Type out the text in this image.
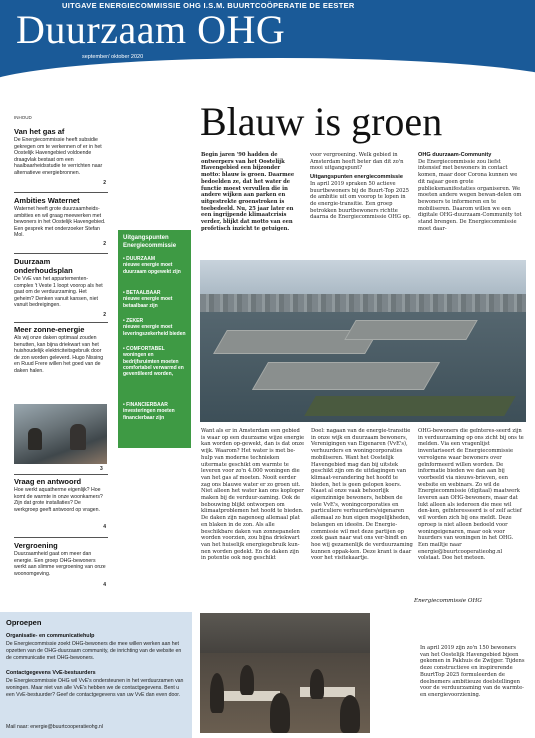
UITGAVE ENERGIECOMMISSIE OHG I.S.M. BUURTCOÖPERATIE DE EESTER
Duurzaam OHG
september/ oktober 2020
INHOUD
Van het gas af

De Energiecommissie heeft subsidie gekregen om te verkennen of er in het Oostelijk Havengebied voldoende draagvlak bestaat om een haalbaarheidsstudie te verrichten naar alternatieve energiebronnen.

2
Ambities Waternet

Waternet heeft grote duurzaamheids-ambities en wil graag meewerken met bewoners in het Oostelijk Havengebied. Een gesprek met onderzoeker Stefan Mol.

2
Duurzaam onderhoudsplan

De VvE van het appartementen-complex 't Veste 1 loopt voorop als het gaat om de verduurzaming. Het geheim? Denken vanuit kansen, niet vanuit bedreigingen.

2
Meer zonne-energie

Als wij onze daken optimaal zouden benutten, kan bijna driekwart van het huishoudelijk elektriciteitsgebruik door de zon worden geleverd. Hugo Nissing en Ruud Frere willen het goed van de daken halen.

3
Vraag en antwoord

Hoe werkt aquatherme eigenlijk? Hoe komt de warmte in onze woonkamers? Zijn dat grote installaties? De werkgroep geeft antwoord op vragen.

4
Vergroening

Duurzaamheid gaat om meer dan energie. Een groep OHG-bewoners werkt aan slimme vergroening van onze woonomgeving.

4
Blauw is groen

Begin jaren '90 hadden de ontwerpers van het Oostelijk Havengebied een bijzonder motto: blauw is groen. Daarmee bedoelden ze, dat het water de functie moest vervullen die in andere wijken aan parken en uitgestrekte groenstroken is toebedeeld. Nu, 25 jaar later en een ingrijpende klimaatcrisis verder, blijkt dat motto van een profetisch inzicht te getuigen.

voor vergroening. Welk gebied in Amsterdam heeft beter dan dit zo'n mooi uitgangspunt?

Uitgangspunten energiecommissie

In april 2019 spraken 50 actieve buurtbewoners bij de Buurt-Top 2025 de ambitie uit om voorop te lopen in de energie-transitie. Een groep betrokken buurtbewoners richtte daarna de Energiecommissie OHG op.

OHG duurzaam-Community

De Energiecommissie zou liefst intensief met bewoners in contact komen, maar door Corona kunnen we dit najaar geen grote publieksmanifestaties organiseren. We moeten andere wegen bewan-delen om bewoners te informeren en te mobiliseren. Daarom willen we een digitale OHG-duurzaam-Community tot stand brengen. De Energiecommissie moet daar-

Uitgangspunten Energiecommissie
• DUURZAAM
nieuwe energie moet duurzaam opgewekt zijn
• BETAALBAAR
nieuwe energie moet betaalbaar zijn
• ZEKER
nieuwe energie moet leveringszekerheid bieden
• COMFORTABEL
woningen en bedrijfsruimten moeten comfortabel verwarmd en geventileerd worden,
• FINANCIERBAAR
investeringen moeten financierbaar zijn

Want als er in Amsterdam een gebied is waar op een duurzame wijze energie kan worden op-gewekt, dan is dat onze wijk. Waarom? Het water is met be-hulp van moderne technieken uitermate geschikt om warmte te leveren voor zo'n 4.000 woningen die van het gas af moeten. Nooit eerder zag ons blauwe water er zo groen uit. Niet alleen het water kan ons koploper maken bij de verduur-zaming. Ook de bebouwing blijkt ontworpen om klimaatproblemen het hoofd te bieden. De daken zijn nagenoeg allemaal plat en blaken in de zon. Als alle beschikbare daken van zonnepanelen worden voorzien, zou bijna driekwart van het huiselijk energiegebruik kun-nen worden gedekt. En de daken zijn in potentie ook nog geschikt

Doel: nagaan van de energie-transitie in onze wijk en duurzaam bewoners, Verenigingen van Eigenaren (VvE's), verhuurders en woningcorporaties mobiliseren. Want het Oostelijk Havengebied mag dan bij uitstek geschikt zijn om de uitdagingen van klimaat-verandering het hoofd te bieden, het is geen gelopen koers. Naast al onze vaak behoorlijk eigenzinnige bewoners, hebben de vele VvE's, woningcorporaties en particuliere verhuurders/eigenaren allemaal zo hun eigen mogelijkheden, belangen en ideeën. De Energie-commissie wil met deze partijen op zoek gaan naar wat ons ver-bindt en hoe wij gezamenlijk de verduurzaming kunnen oppak-ken. Deze krant is daar voor het visitekaartje.

OHG-bewoners die geïnteres-seerd zijn in verduurzaming op ons zicht bij ons te melden. Via een vragenlijst inventariseert de Energiecommissie vervolgens waar bewoners over geïnformeerd willen worden. De informatie bieden we dan aan bij voorbeeld via nieuws-brieven, een website en webinars. Zo wil de Energiecommissie (digitaal) maatwerk leveren aan OHG-bewoners, maar dat lukt alleen als iedereen die mee wil den-ken, geïnteresseerd is of zelf actief wil worden zich bij ons meldt. Deze oproep is niet alleen bedoeld voor woningeigenaren, maar ook voor huurders van woningen in het OHG. Een mailtje naar energie@buurtcooperatieohg.nl volstaat. Doe het meteen.

Energiecommissie OHG

In april 2019 zijn zo'n 150 bewoners van het Oostelijk Havengebied bijeen gekomen in Pakhuis de Zwijger. Tijdens deze constructieve en inspirerende BuurtTop 2025 formuleerden de deelnemers ambitieuze doelstellingen voor de verduurzaming van de warmte- en energievoorziening.

Oproepen
Organisatie- en communicatiehulp
De Energiecommissie zoekt OHG-bewoners die mee willen werken aan het opzetten van de OHG-duurzaam community, de inrichting van de website en de communicatie met OHG-bewoners.
Contactgegevens VvE-bestuurders
De Energiecommissie OHG wil VvE's ondersteunen in het verduurzamen van woningen. Maar niet van alle VvE's hebben we de contactgegevens. Bent u een VvE-bestuurder? Geef de contactgegevens van uw VvE dan even door.
Mail naar: energie@buurtcooperatieohg.nl
